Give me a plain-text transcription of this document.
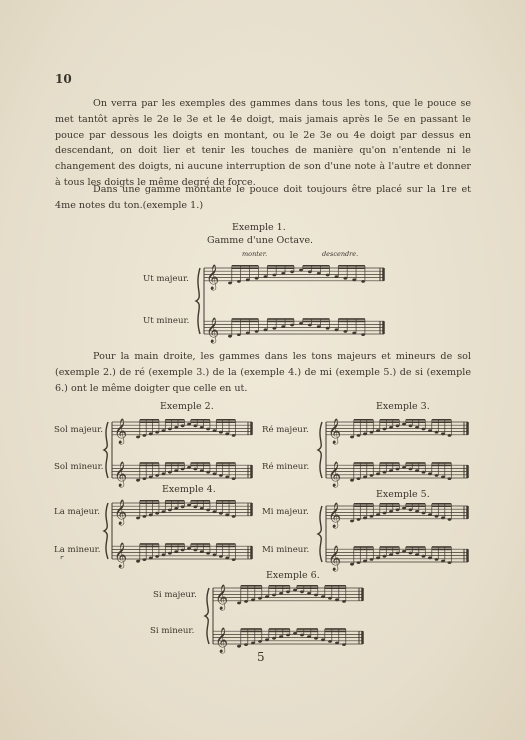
10
On verra par les exemples des gammes dans tous les tons, que le pouce se met tantôt après le 2e le 3e et le 4e doigt, mais jamais après le 5e en passant le pouce par dessous les doigts en montant, ou le 2e 3e ou 4e doigt par dessus en descendant, on doit lier et tenir les touches de manière qu'on n'entende ni le changement des doigts, ni aucune interruption de son d'une note à l'autre et donner à tous les doigts le même degré de force.
Dans une gamme montante le pouce doit toujours être placé sur la 1re et 4me notes du ton.(exemple 1.)
Exemple 1.
Gamme d'une Octave.
monter.	descendre.
Ut majeur.
Ut mineur.
𝄞
𝄞
Pour la main droite, les gammes dans les tons majeurs et mineurs de sol (exemple 2.) de ré (exemple 3.) de la (exemple 4.) de mi (exemple 5.) de si (exemple 6.) ont le même doigter que celle en ut.
Exemple 2.
Sol majeur.
Sol mineur.
𝄞
𝄞
Exemple 3.
Ré majeur.
Ré mineur.
𝄞
𝄞
Exemple 4.
La majeur.
La mineur.
𝄞
𝄞
Exemple 5.
Mi majeur.
Mi mineur.
𝄞
𝄞
⌜
Exemple 6.
Si majeur.
Si mineur.
𝄞
𝄞
5
